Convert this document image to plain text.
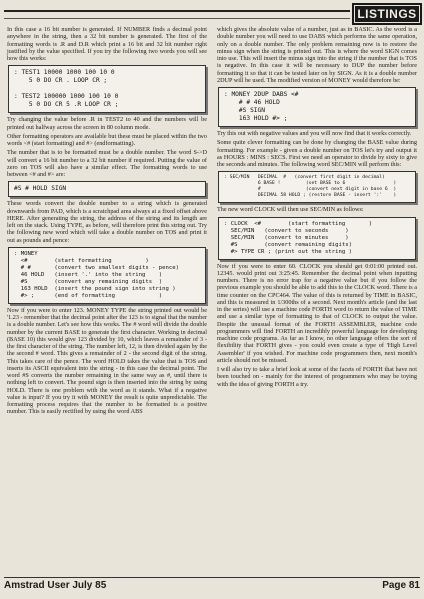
LISTINGS

In this case a 16 bit number is generated. If NUMBER finds a decimal point anywhere in the string, then a 32 bit number is generated. The first of the formatting words is .R and D.R which print a 16 bit and 32 bit number right justified by the value specified. If you try the following two words you will see how this works:

: TEST1 10000 1000 100 10 0
5 0 DO CR . LOOP CR ;

: TEST2 100000 1000 100 10 0
5 0 DO CR 5 .R LOOP CR ;

Try changing the value before .R in TEST2 to 40 and the numbers will be printed out halfway across the screen in 80 column mode.

Other formatting operators are available but these must be placed within the two words <# (start formatting) and #> (endformatting).

The number that is to be formatted must be a double number. The word S->D will convert a 16 bit number to a 32 bit number if required. Putting the value of zero on TOS will also have a similar effect. The formatting words to use between <# and #> are:

#S # HOLD SIGN

These words convert the double number to a string which is generated downwards from PAD, which is a scratchpad area always at a fixed offset above HERE. After generating the string, the address of the string and its length are left on the stack. Using TYPE, as before, will therefore print this string out. Try the following new word which will take a double number on TOS and print it out as pounds and pence:

: MONEY
<#        (start formatting          )
# #       (convert two smallest digits - pence)
46 HOLD   (insert '.' into the string    )
#S        (convert any remaining digits  )
163 HOLD  (insert the pound sign into string )
#> ;      (end of formatting             )

Now if you were to enter 123. MONEY TYPE the string printed out would be '1.23 - remember that the decimal point after the 123 is to signal that the number is a double number. Let's see how this works. The # word will divide the double number by the current BASE to generate the first character. Working in decimal (BASE 10) this would give 123 divided by 10, which leaves a remainder of 3 - the first character of the string. The number left, 12, is then divided again by the the second # word. This gives a remainder of 2 - the second digit of the string. This takes care of the pence. The word HOLD takes the value that is TOS and inserts its ASCII equivalent into the string - in this case the decimal point. The word #S converts the number remaining in the same way as #, until there is nothing left to convert. The pound sign is then inserted into the string by using HOLD. There is one problem with the word as it stands. What if a negative value is input? If you try it with MONEY the result is quite unpredictable. The formatting process requires that the number to be formatted is a positive number. This is easily rectified by using the word ABS

which gives the absolute value of a number, just as in BASIC. As the word is a double number you will need to use DABS which performs the same operation, only on a double number. The only problem remaining now is to restore the minus sign when the string is printed out. This is where the word SIGN comes into use. This will insert the minus sign into the string if the number that is TOS is negative. In this case it will be necessary to DUP the number before formatting it so that it can be tested later on by SIGN. As it is a double number 2DUP will be used. The modified version of MONEY would therefore be:

: MONEY 2DUP DABS <#
# # 46 HOLD
#S SIGN
163 HOLD #> ;

Try this out with negative values and you will now find that it works correctly.

Some quite clever formatting can be done by changing the BASE value during formatting. For example - given a double number on TOS let's try and output it as HOURS : MINS : SECS. First we need an operator to divide by sixty to give the seconds and minutes. The following word SEC/MIN will perform this:

: SEC/MIN   DECIMAL  #   (convert first digit in decimal)
6 BASE !         (set BASE to 6                 )
#                (convert next digit in base 6  )
DECIMAL 58 HOLD ; (restore BASE - insert ':'    )

The new word CLOCK will then use SEC/MIN as follows:

: CLOCK  <#        (start formatting       )
SEC/MIN   (convert to seconds     )
SEC/MIN   (convert to minutes     )
#S        (convert remaining digits)
#> TYPE CR ; (print out the string )

Now if you were to enter 60. CLOCK you should get 0:01:00 printed out. 12345. would print out 3:25:45. Remember the decimal point when inputting numbers. There is no error trap for a negative value but if you follow the previous example you should be able to add this to the CLOCK word. There is a time counter on the CPC464. The value of this is returned by TIME in BASIC, and this is measured in 1/300ths of a second. Next month's article (and the last in the series) will use a machine code FORTH word to return the value of TIME and use a similar type of formatting to that of CLOCK to output the value. Despite the unusual format of the FORTH ASSEMBLER, machine code programmers will find FORTH an incredibly powerful language for developing machine code programs. As far as I know, no other language offers the sort of flexibility that FORTH gives - you could even create a type of 'High Level Assembler' if you wished. For machine code programmers then, next month's article should not be missed.

I will also try to take a brief look at some of the facets of FORTH that have not been touched on - mainly for the interest of programmers who may be toying with the idea of giving FORTH a try.

Amstrad User July 85	Page 81
